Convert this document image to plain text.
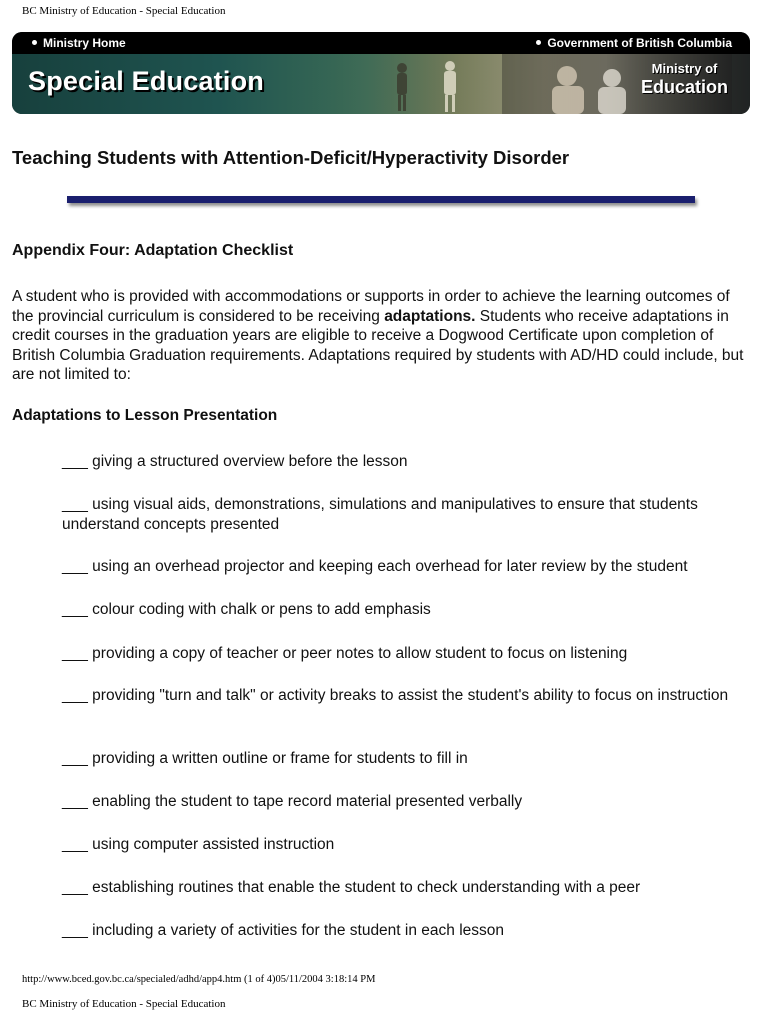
BC Ministry of Education - Special Education
Ministry Home	Government of British Columbia
Special Education	Ministry of
Education
Teaching Students with Attention-Deficit/Hyperactivity Disorder
Appendix Four: Adaptation Checklist

A student who is provided with accommodations or supports in order to achieve the learning outcomes of the provincial curriculum is considered to be receiving adaptations. Students who receive adaptations in credit courses in the graduation years are eligible to receive a Dogwood Certificate upon completion of British Columbia Graduation requirements. Adaptations required by students with AD/HD could include, but are not limited to:

Adaptations to Lesson Presentation

___ giving a structured overview before the lesson

___ using visual aids, demonstrations, simulations and manipulatives to ensure that students understand concepts presented

___ using an overhead projector and keeping each overhead for later review by the student

___ colour coding with chalk or pens to add emphasis

___ providing a copy of teacher or peer notes to allow student to focus on listening

___ providing "turn and talk" or activity breaks to assist the student's ability to focus on instruction

___ providing a written outline or frame for students to fill in

___ enabling the student to tape record material presented verbally

___ using computer assisted instruction

___ establishing routines that enable the student to check understanding with a peer

___ including a variety of activities for the student in each lesson

http://www.bced.gov.bc.ca/specialed/adhd/app4.htm (1 of 4)05/11/2004 3:18:14 PM
BC Ministry of Education - Special Education
